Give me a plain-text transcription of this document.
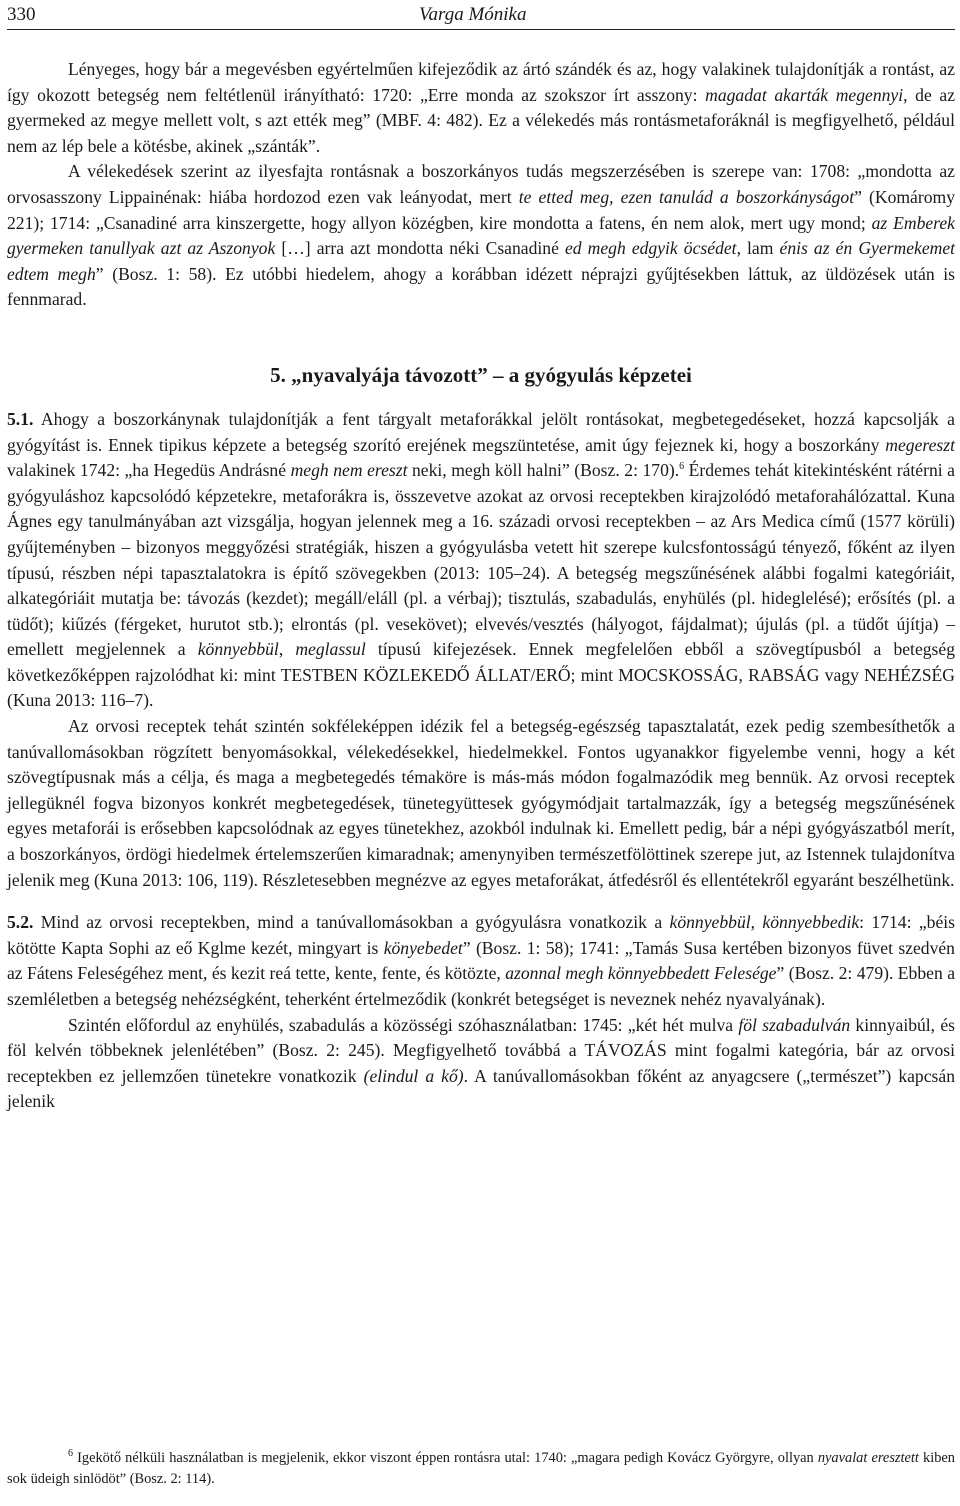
330	Varga Mónika

Lényeges, hogy bár a megevésben egyértelműen kifejeződik az ártó szándék és az, hogy valakinek tulajdonítják a rontást, az így okozott betegség nem feltétlenül irányítható: 1720: „Erre monda az szokszor írt asszony: magadat akarták megennyi, de az gyermeked az megye mellett volt, s azt ették meg” (MBF. 4: 482). Ez a vélekedés más rontásmetaforáknál is megfigyelhető, például nem az lép bele a kötésbe, akinek „szánták”.

A vélekedések szerint az ilyesfajta rontásnak a boszorkányos tudás megszerzésében is szerepe van: 1708: „mondotta az orvosasszony Lippainénak: hiába hordozod ezen vak leányodat, mert te etted meg, ezen tanulád a boszorkányságot” (Komáromy 221); 1714: „Csanadiné arra kinszergette, hogy allyon közégben, kire mondotta a fatens, én nem alok, mert ugy mond; az Emberek gyermeken tanullyak azt az Aszonyok […] arra azt mondotta néki Csanadiné ed megh edgyik öcsédet, lam énis az én Gyermekemet edtem megh” (Bosz. 1: 58). Ez utóbbi hiedelem, ahogy a korábban idézett néprajzi gyűjtésekben láttuk, az üldözések után is fennmarad.

5. „nyavalyája távozott” – a gyógyulás képzetei

5.1. Ahogy a boszorkánynak tulajdonítják a fent tárgyalt metaforákkal jelölt rontásokat, megbetegedéseket, hozzá kapcsolják a gyógyítást is. Ennek tipikus képzete a betegség szorító erejének megszüntetése, amit úgy fejeznek ki, hogy a boszorkány megereszt valakinek 1742: „ha Hegedüs Andrásné megh nem ereszt neki, megh köll halni” (Bosz. 2: 170).$^6$ Érdemes tehát kitekintésként rátérni a gyógyuláshoz kapcsolódó képzetekre, metaforákra is, összevetve azokat az orvosi receptekben kirajzolódó metaforahálózattal. Kuna Ágnes egy tanulmányában azt vizsgálja, hogyan jelennek meg a 16. századi orvosi receptekben – az Ars Medica című (1577 körüli) gyűjteményben – bizonyos meggyőzési stratégiák, hiszen a gyógyulásba vetett hit szerepe kulcsfontosságú tényező, főként az ilyen típusú, részben népi tapasztalatokra is építő szövegekben (2013: 105–24). A betegség megszűnésének alábbi fogalmi kategóriáit, alkategóriáit mutatja be: távozás (kezdet); megáll/eláll (pl. a vérbaj); tisztulás, szabadulás, enyhülés (pl. hideglelésé); erősítés (pl. a tüdőt); kiűzés (férgeket, hurutot stb.); elrontás (pl. vesekövet); elvevés/vesztés (hályogot, fájdalmat); újulás (pl. a tüdőt újítja) – emellett megjelennek a könnyebbül, meglassul típusú kifejezések. Ennek megfelelően ebből a szövegtípusból a betegség következőképpen rajzolódhat ki: mint TESTBEN KÖZLEKEDŐ ÁLLAT/ERŐ; mint MOCSKOSSÁG, RABSÁG vagy NEHÉZSÉG (Kuna 2013: 116–7).

Az orvosi receptek tehát szintén sokféleképpen idézik fel a betegség-egészség tapasztalatát, ezek pedig szembesíthetők a tanúvallomásokban rögzített benyomásokkal, vélekedésekkel, hiedelmekkel. Fontos ugyanakkor figyelembe venni, hogy a két szövegtípusnak más a célja, és maga a megbetegedés témaköre is más-más módon fogalmazódik meg bennük. Az orvosi receptek jellegüknél fogva bizonyos konkrét megbetegedések, tünetegyüttesek gyógymódjait tartalmazzák, így a betegség megszűnésének egyes metaforái is erősebben kapcsolódnak az egyes tünetekhez, azokból indulnak ki. Emellett pedig, bár a népi gyógyászatból merít, a boszorkányos, ördögi hiedelmek értelemszerűen kimaradnak; amenynyiben természetfölöttinek szerepe jut, az Istennek tulajdonítva jelenik meg (Kuna 2013: 106, 119). Részletesebben megnézve az egyes metaforákat, átfedésről és ellentétekről egyaránt beszélhetünk.

5.2. Mind az orvosi receptekben, mind a tanúvallomásokban a gyógyulásra vonatkozik a könnyebbül, könnyebbedik: 1714: „béis kötötte Kapta Sophi az eő Kglme kezét, mingyart is könyebedet” (Bosz. 1: 58); 1741: „Tamás Susa kertében bizonyos füvet szedvén az Fátens Feleségéhez ment, és kezit reá tette, kente, fente, és kötözte, azonnal megh könnyebbedett Felesége” (Bosz. 2: 479). Ebben a szemléletben a betegség nehézségként, teherként értelmeződik (konkrét betegséget is neveznek nehéz nyavalyának).

Szintén előfordul az enyhülés, szabadulás a közösségi szóhasználatban: 1745: „két hét mulva föl szabadulván kinnyaibúl, és föl kelvén többeknek jelenlétében” (Bosz. 2: 245). Megfigyelhető továbbá a TÁVOZÁS mint fogalmi kategória, bár az orvosi receptekben ez jellemzően tünetekre vonatkozik (elindul a kő). A tanúvallomásokban főként az anyagcsere („természet”) kapcsán jelenik

$^6$ Igekötő nélküli használatban is megjelenik, ekkor viszont éppen rontásra utal: 1740: „magara pedigh Kovácz Györgyre, ollyan nyavalat eresztett kiben sok üdeigh sinlödöt” (Bosz. 2: 114).
